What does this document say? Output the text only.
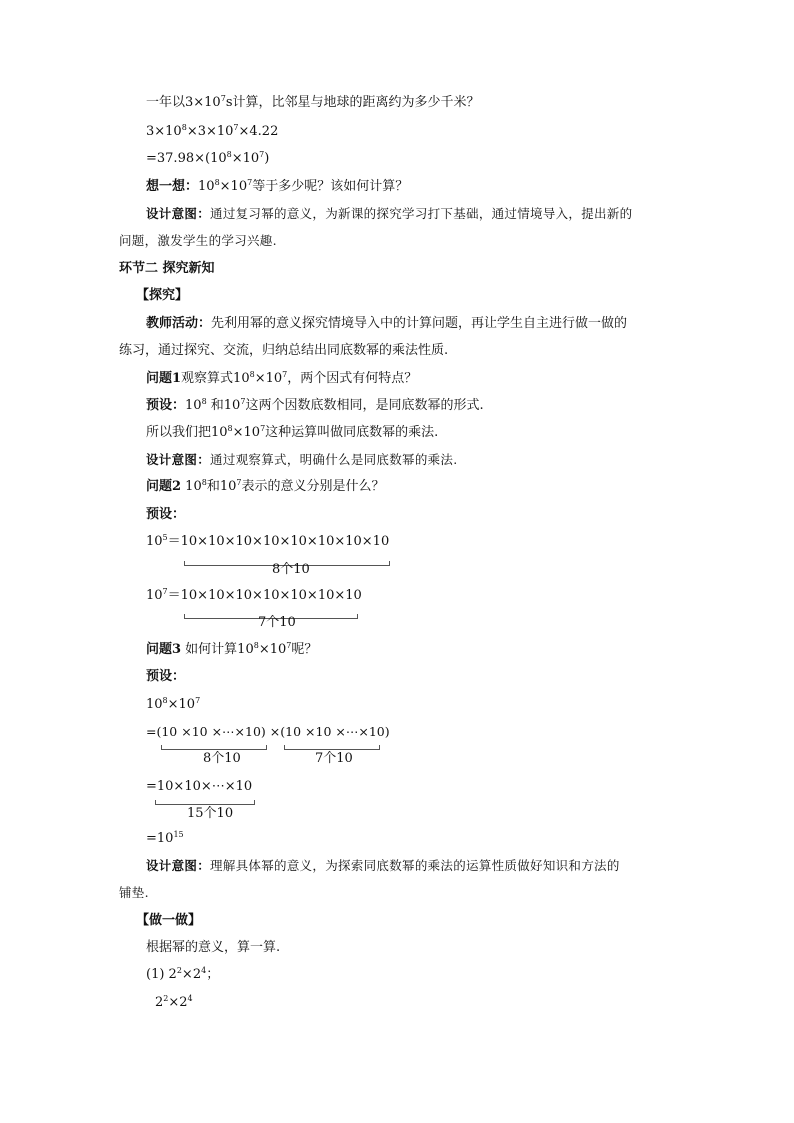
一年以$3\times 10^7s$计算，比邻星与地球的距离约为多少千米？
$3\times 10^8\times 3\times 10^7\times 4.22$
$=37.98\times(10^8\times 10^7)$
想一想：$10^8\times 10^7$等于多少呢？该如何计算？
设计意图：通过复习幂的意义，为新课的探究学习打下基础，通过情境导入，提出新的
问题，激发学生的学习兴趣.
环节二 探究新知
【探究】
教师活动：先利用幂的意义探究情境导入中的计算问题，再让学生自主进行做一做的
练习，通过探究、交流，归纳总结出同底数幂的乘法性质.
问题1观察算式$10^8\times 10^7$，两个因式有何特点？
预设：$10^8$ 和$10^7$这两个因数底数相同，是同底数幂的形式.
所以我们把$10^8\times 10^7$这种运算叫做同底数幂的乘法.
设计意图：通过观察算式，明确什么是同底数幂的乘法.
问题2 $10^8$和$10^7$表示的意义分别是什么？
预设：
$10^5=10\times 10\times 10\times 10\times 10\times 10\times 10\times 10$
8个10
$10^7=10\times 10\times 10\times 10\times 10\times 10\times 10$
7个10
问题3 如何计算$10^8\times 10^7$呢？
预设：
$10^8\times 10^7$
=(10 ×10 ×⋯×10) ×(10 ×10 ×⋯×10)
8个10	7个10
=10×10×⋯×10
15个10
$=10^{15}$
设计意图：理解具体幂的意义，为探索同底数幂的乘法的运算性质做好知识和方法的
铺垫.
【做一做】
根据幂的意义，算一算.
(1) $2^2\times 2^4$；
$2^2\times 2^4$
